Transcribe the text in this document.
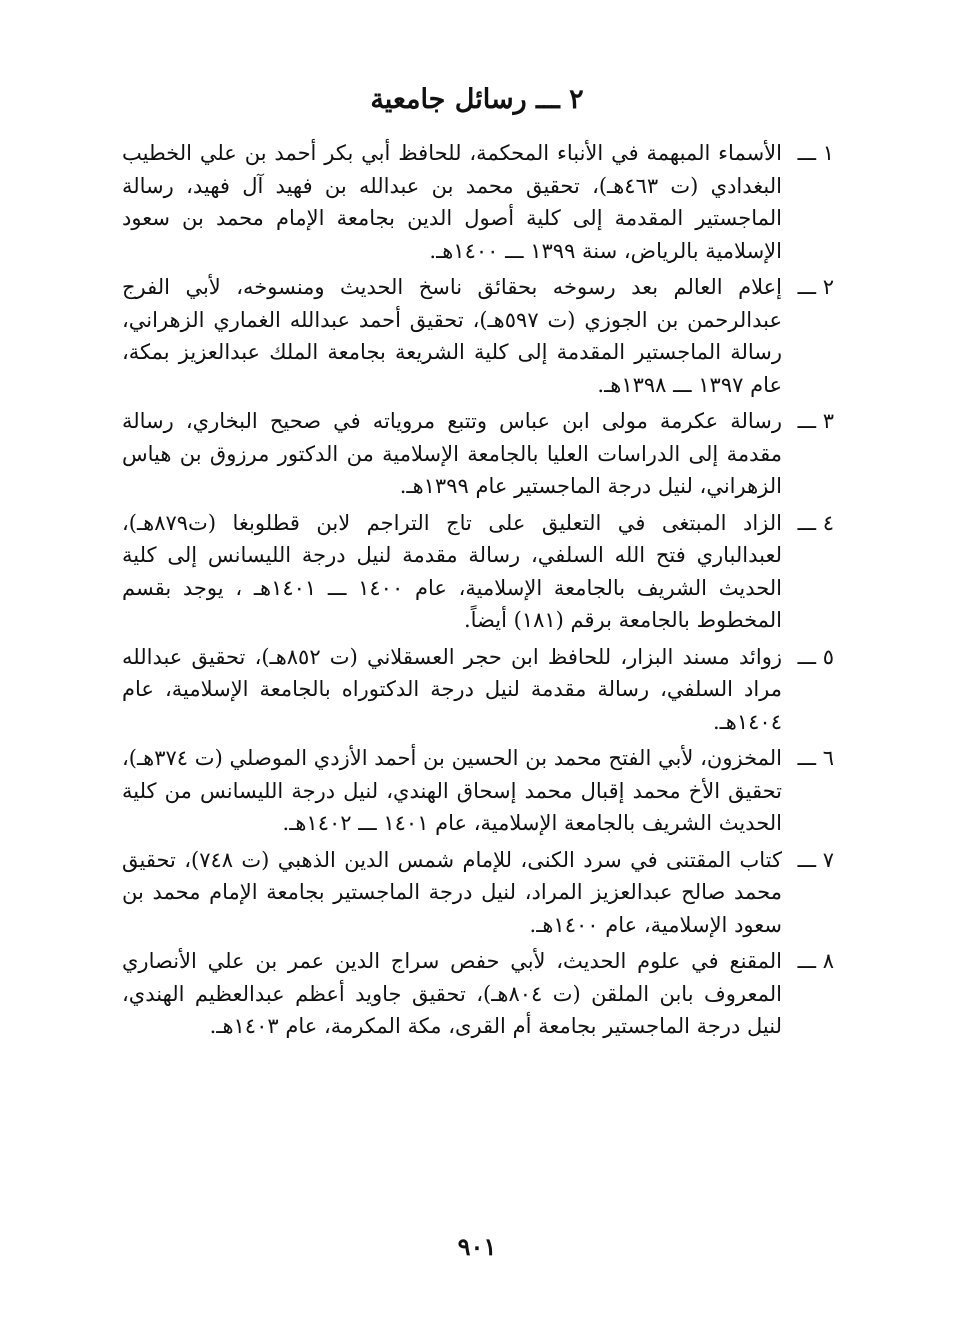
٢ ـــ رسائل جامعية
١ ـــ
الأسماء المبهمة في الأنباء المحكمة، للحافظ أبي بكر أحمد بن علي الخطيب البغدادي (ت ٤٦٣هـ)، تحقيق محمد بن عبدالله بن فهيد آل فهيد، رسالة الماجستير المقدمة إلى كلية أصول الدين بجامعة الإمام محمد بن سعود الإسلامية بالرياض، سنة ١٣٩٩ ـــ ١٤٠٠هـ.
٢ ـــ
إعلام العالم بعد رسوخه بحقائق ناسخ الحديث ومنسوخه، لأبي الفرج عبدالرحمن بن الجوزي (ت ٥٩٧هـ)، تحقيق أحمد عبدالله الغماري الزهراني، رسالة الماجستير المقدمة إلى كلية الشريعة بجامعة الملك عبدالعزيز بمكة، عام ١٣٩٧ ـــ ١٣٩٨هـ.
٣ ـــ
رسالة عكرمة مولى ابن عباس وتتبع مروياته في صحيح البخاري، رسالة مقدمة إلى الدراسات العليا بالجامعة الإسلامية من الدكتور مرزوق بن هياس الزهراني، لنيل درجة الماجستير عام ١٣٩٩هـ.
٤ ـــ
الزاد المبتغى في التعليق على تاج التراجم لابن قطلوبغا (ت٨٧٩هـ)، لعبدالباري فتح الله السلفي، رسالة مقدمة لنيل درجة الليسانس إلى كلية الحديث الشريف بالجامعة الإسلامية، عام ١٤٠٠ ـــ ١٤٠١هـ ، يوجد بقسم المخطوط بالجامعة برقم (١٨١) أيضاً.
٥ ـــ
زوائد مسند البزار، للحافظ ابن حجر العسقلاني (ت ٨٥٢هـ)، تحقيق عبدالله مراد السلفي، رسالة مقدمة لنيل درجة الدكتوراه بالجامعة الإسلامية، عام ١٤٠٤هـ.
٦ ـــ
المخزون، لأبي الفتح محمد بن الحسين بن أحمد الأزدي الموصلي (ت ٣٧٤هـ)، تحقيق الأخ محمد إقبال محمد إسحاق الهندي، لنيل درجة الليسانس من كلية الحديث الشريف بالجامعة الإسلامية، عام ١٤٠١ ـــ ١٤٠٢هـ.
٧ ـــ
كتاب المقتنى في سرد الكنى، للإمام شمس الدين الذهبي (ت ٧٤٨)، تحقيق محمد صالح عبدالعزيز المراد، لنيل درجة الماجستير بجامعة الإمام محمد بن سعود الإسلامية، عام ١٤٠٠هـ.
٨ ـــ
المقنع في علوم الحديث، لأبي حفص سراج الدين عمر بن علي الأنصاري المعروف بابن الملقن (ت ٨٠٤هـ)، تحقيق جاويد أعظم عبدالعظيم الهندي، لنيل درجة الماجستير بجامعة أم القرى، مكة المكرمة، عام ١٤٠٣هـ.
٩٠١
